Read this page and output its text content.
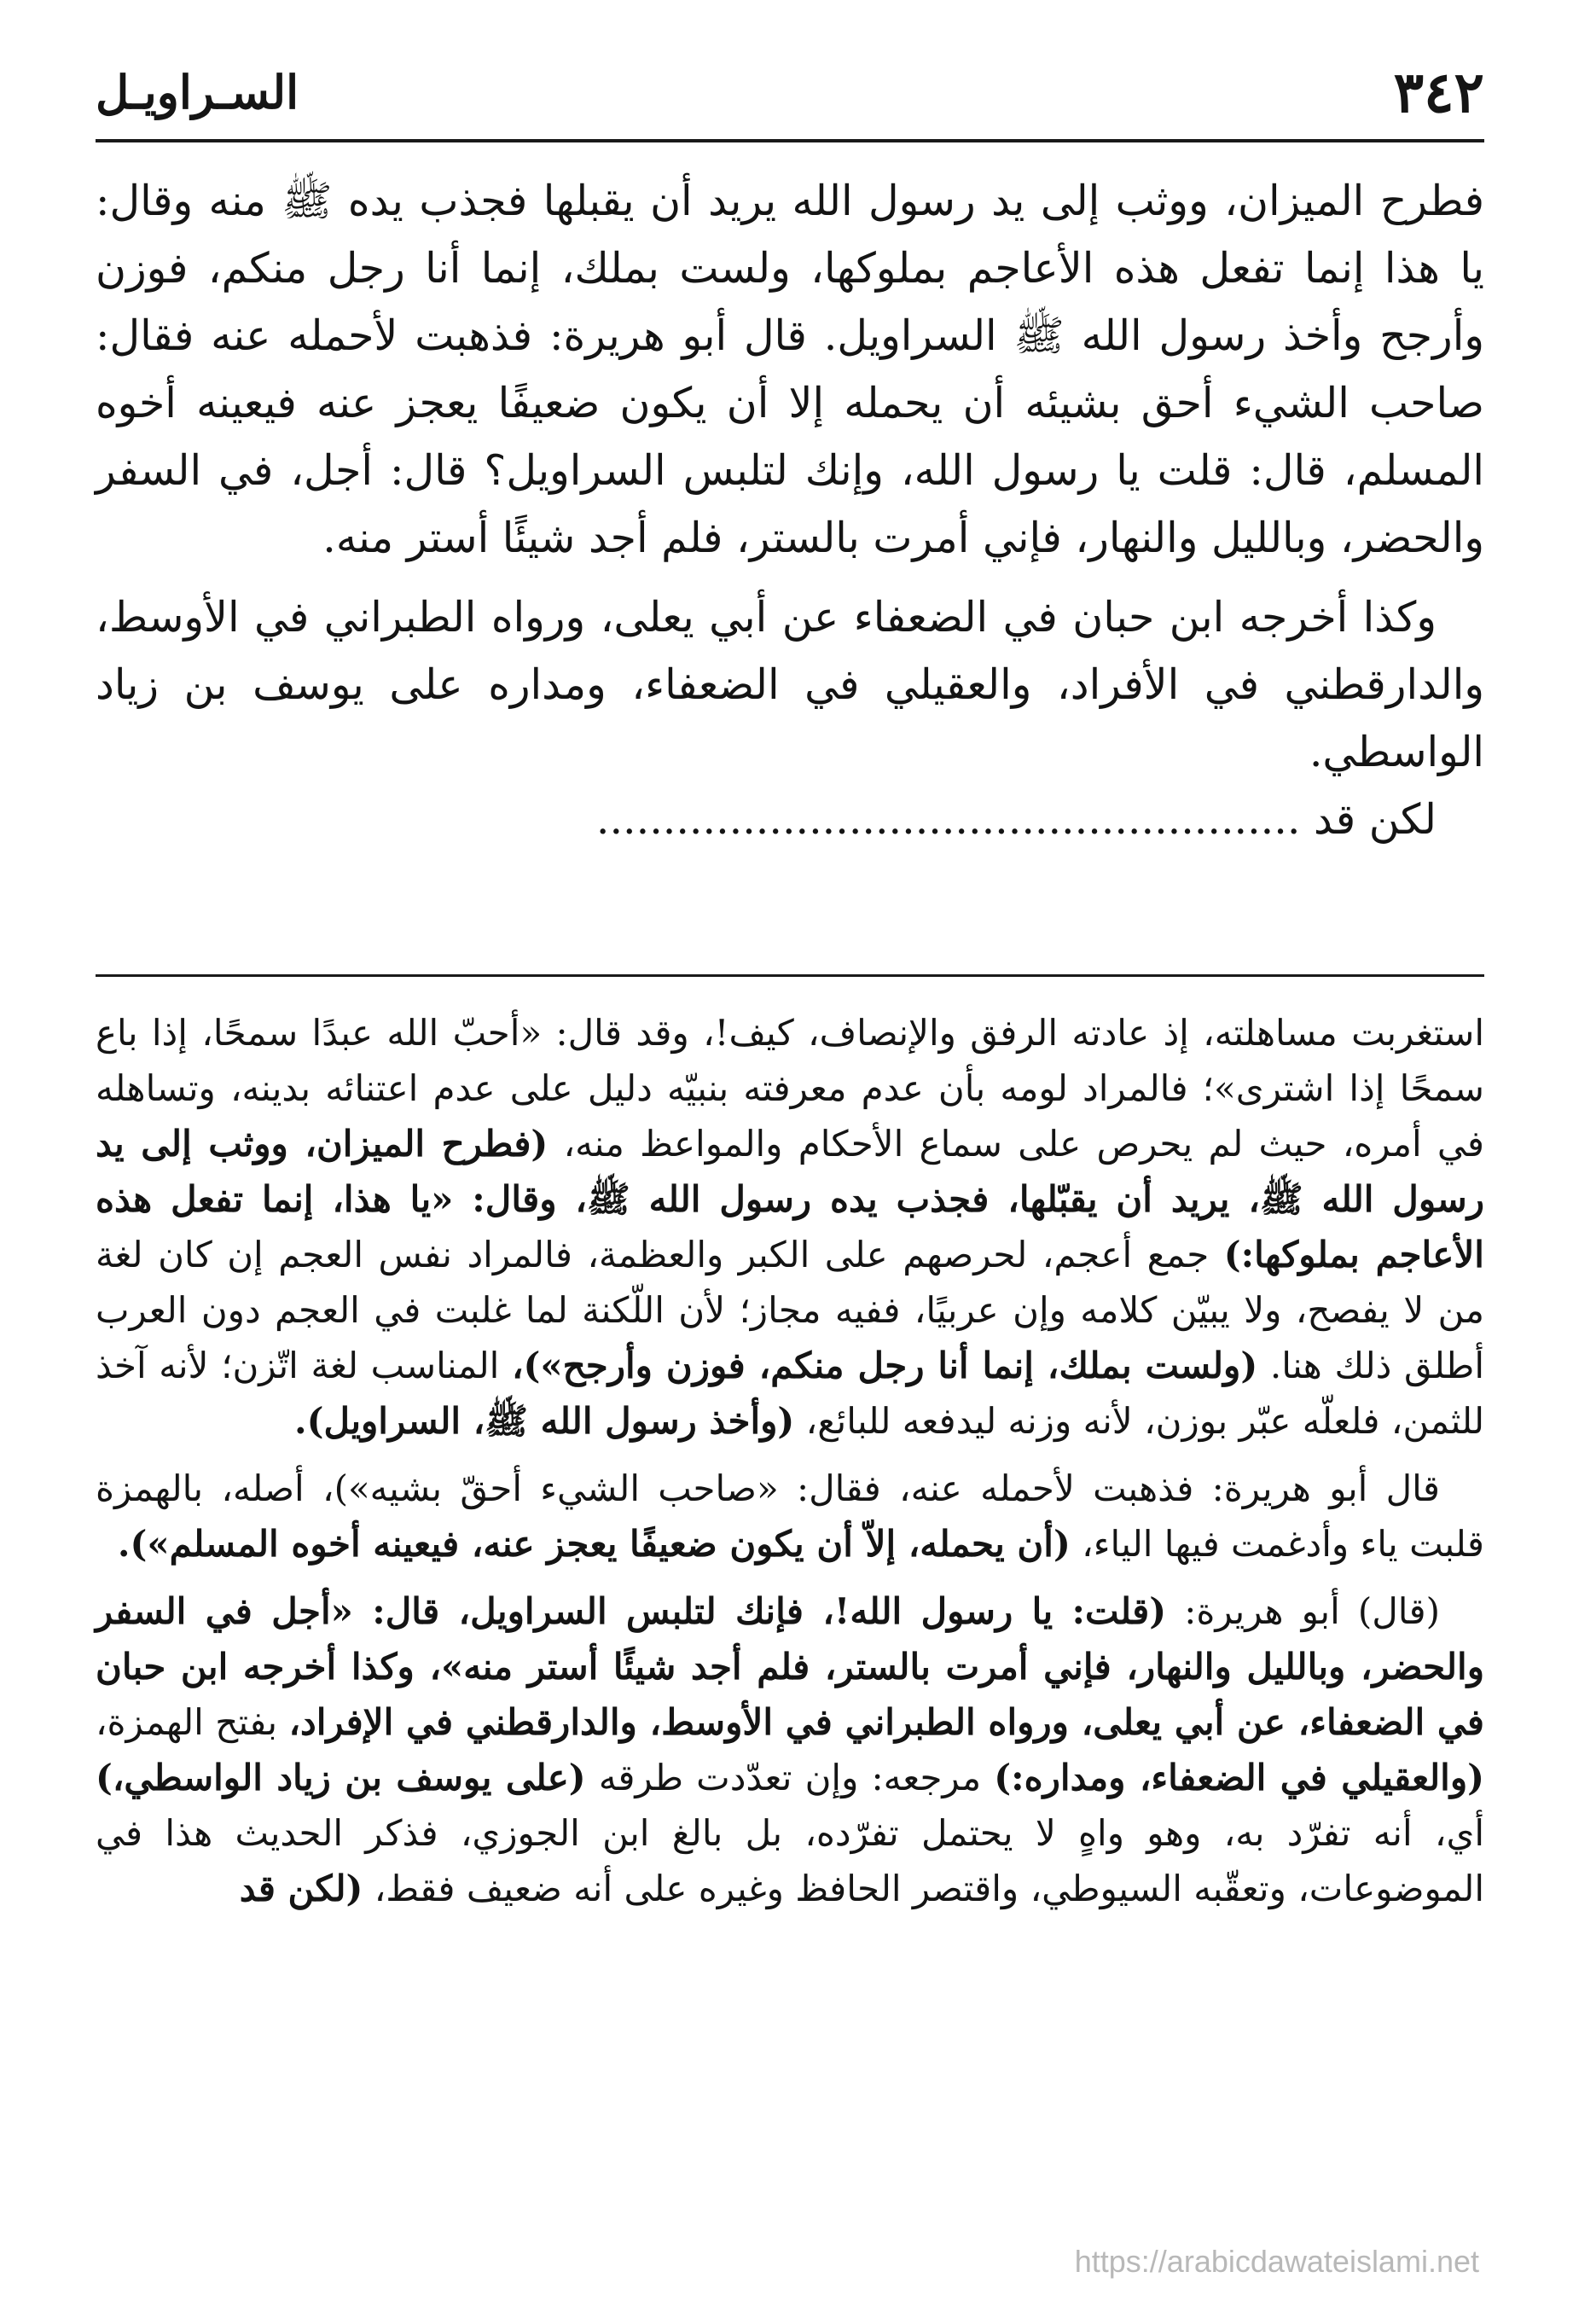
٣٤٢
السـراويـل

فطرح الميزان، ووثب إلى يد رسول الله يريد أن يقبلها فجذب يده ﷺ منه وقال: يا هذا إنما تفعل هذه الأعاجم بملوكها، ولست بملك، إنما أنا رجل منكم، فوزن وأرجح وأخذ رسول الله ﷺ السراويل. قال أبو هريرة: فذهبت لأحمله عنه فقال: صاحب الشيء أحق بشيئه أن يحمله إلا أن يكون ضعيفًا يعجز عنه فيعينه أخوه المسلم، قال: قلت يا رسول الله، وإنك لتلبس السراويل؟ قال: أجل، في السفر والحضر، وبالليل والنهار، فإني أمرت بالستر، فلم أجد شيئًا أستر منه.

وكذا أخرجه ابن حبان في الضعفاء عن أبي يعلى، ورواه الطبراني في الأوسط، والدارقطني في الأفراد، والعقيلي في الضعفاء، ومداره على يوسف بن زياد الواسطي.

لكن قد .....................................................

استغربت مساهلته، إذ عادته الرفق والإنصاف، كيف!، وقد قال: «أحبّ الله عبدًا سمحًا، إذا باع سمحًا إذا اشترى»؛ فالمراد لومه بأن عدم معرفته بنبيّه دليل على عدم اعتنائه بدينه، وتساهله في أمره، حيث لم يحرص على سماع الأحكام والمواعظ منه، (فطرح الميزان، ووثب إلى يد رسول الله ﷺ، يريد أن يقبّلها، فجذب يده رسول الله ﷺ، وقال: «يا هذا، إنما تفعل هذه الأعاجم بملوكها:) جمع أعجم، لحرصهم على الكبر والعظمة، فالمراد نفس العجم إن كان لغة من لا يفصح، ولا يبيّن كلامه وإن عربيًا، ففيه مجاز؛ لأن اللّكنة لما غلبت في العجم دون العرب أطلق ذلك هنا. (ولست بملك، إنما أنا رجل منكم، فوزن وأرجح»)، المناسب لغة اتّزن؛ لأنه آخذ للثمن، فلعلّه عبّر بوزن، لأنه وزنه ليدفعه للبائع، (وأخذ رسول الله ﷺ، السراويل).

قال أبو هريرة: فذهبت لأحمله عنه، فقال: «صاحب الشيء أحقّ بشيه»)، أصله، بالهمزة قلبت ياء وأدغمت فيها الياء، (أن يحمله، إلاّ أن يكون ضعيفًا يعجز عنه، فيعينه أخوه المسلم»).

(قال) أبو هريرة: (قلت: يا رسول الله!، فإنك لتلبس السراويل، قال: «أجل في السفر والحضر، وبالليل والنهار، فإني أمرت بالستر، فلم أجد شيئًا أستر منه»، وكذا أخرجه ابن حبان في الضعفاء، عن أبي يعلى، ورواه الطبراني في الأوسط، والدارقطني في الإفراد، بفتح الهمزة، (والعقيلي في الضعفاء، ومداره:) مرجعه: وإن تعدّدت طرقه (على يوسف بن زياد الواسطي،) أي، أنه تفرّد به، وهو واهٍ لا يحتمل تفرّده، بل بالغ ابن الجوزي، فذكر الحديث هذا في الموضوعات، وتعقّبه السيوطي، واقتصر الحافظ وغيره على أنه ضعيف فقط، (لكن قد

https://arabicdawateislami.net
